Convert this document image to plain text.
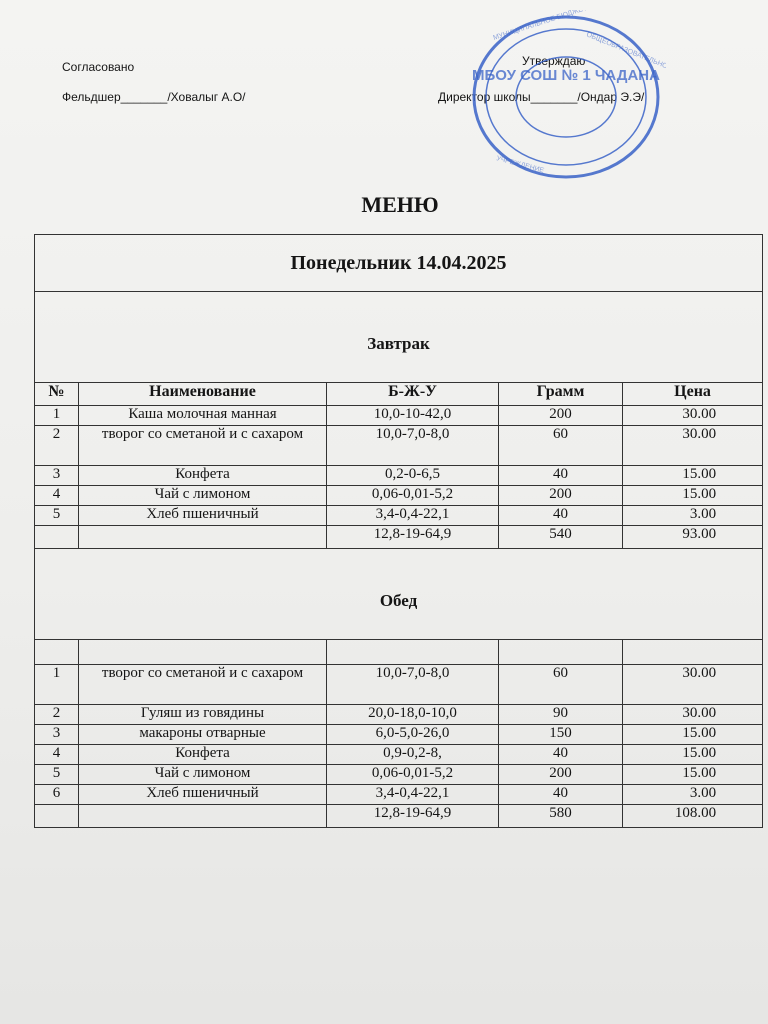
Согласовано
Фельдшер_______/Ховалыг А.О/
Утверждаю
Директор школы_______/Ондар Э.Э/
МУНИЦИПАЛЬНОЕ БЮДЖЕТНОЕ
ОБЩЕОБРАЗОВАТЕЛЬНОЕ
УЧРЕЖДЕНИЕ
МБОУ СОШ № 1 ЧАДАНА
МЕНЮ
Понедельник 14.04.2025				
Завтрак				
№	Наименование	Б-Ж-У	Грамм	Цена
1	Каша молочная манная	10,0-10-42,0	200	30.00
2	творог со сметаной и с сахаром	10,0-7,0-8,0	60	30.00
3	Конфета	0,2-0-6,5	40	15.00
4	Чай с лимоном	0,06-0,01-5,2	200	15.00
5	Хлеб пшеничный	3,4-0,4-22,1	40	3.00
		12,8-19-64,9	540	93.00
Обед				

1	творог со сметаной и с сахаром	10,0-7,0-8,0	60	30.00
2	Гуляш из говядины	20,0-18,0-10,0	90	30.00
3	макароны отварные	6,0-5,0-26,0	150	15.00
4	Конфета	0,9-0,2-8,	40	15.00
5	Чай с лимоном	0,06-0,01-5,2	200	15.00
6	Хлеб пшеничный	3,4-0,4-22,1	40	3.00
		12,8-19-64,9	580	108.00
